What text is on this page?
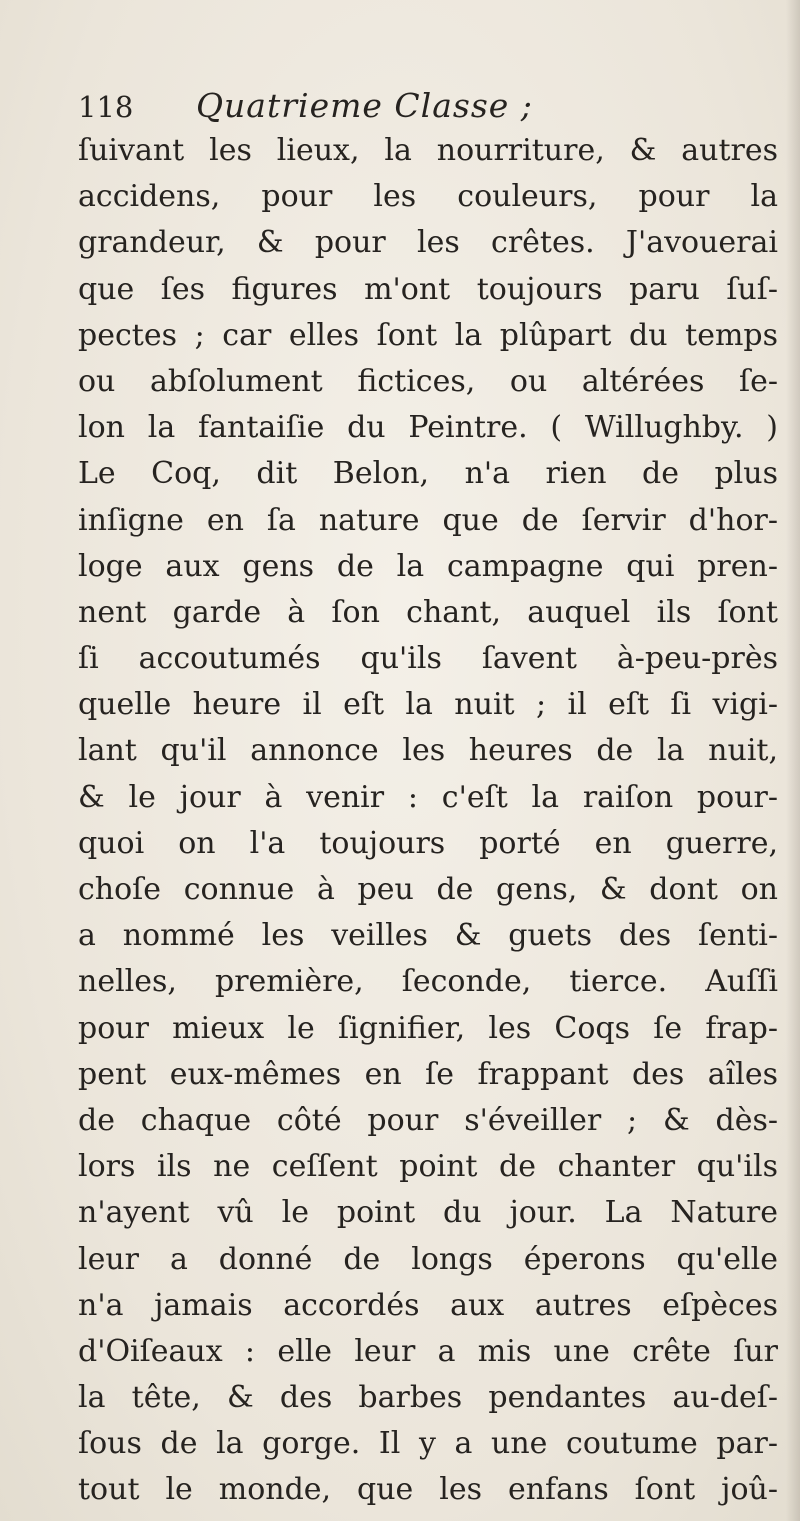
118 Quatrieme Classe ;
ſuivant les lieux, la nourriture, & autres
accidens, pour les couleurs, pour la
grandeur, & pour les crêtes. J'avouerai
que ſes figures m'ont toujours paru ſuſ-
pectes ; car elles ſont la plûpart du temps
ou abſolument fictices, ou altérées ſe-
lon la fantaiſie du Peintre. ( Willughby. )
Le Coq, dit Belon, n'a rien de plus
inſigne en ſa nature que de ſervir d'hor-
loge aux gens de la campagne qui pren-
nent garde à ſon chant, auquel ils ſont
ſi accoutumés qu'ils ſavent à-peu-près
quelle heure il eſt la nuit ; il eſt ſi vigi-
lant qu'il annonce les heures de la nuit,
& le jour à venir : c'eſt la raiſon pour-
quoi on l'a toujours porté en guerre,
choſe connue à peu de gens, & dont on
a nommé les veilles & guets des ſenti-
nelles, première, ſeconde, tierce. Auſſi
pour mieux le ſignifier, les Coqs ſe frap-
pent eux-mêmes en ſe frappant des aîles
de chaque côté pour s'éveiller ; & dès-
lors ils ne ceſſent point de chanter qu'ils
n'ayent vû le point du jour. La Nature
leur a donné de longs éperons qu'elle
n'a jamais accordés aux autres eſpèces
d'Oiſeaux : elle leur a mis une crête ſur
la tête, & des barbes pendantes au-deſ-
ſous de la gorge. Il y a une coutume par-
tout le monde, que les enfans ſont joû-
